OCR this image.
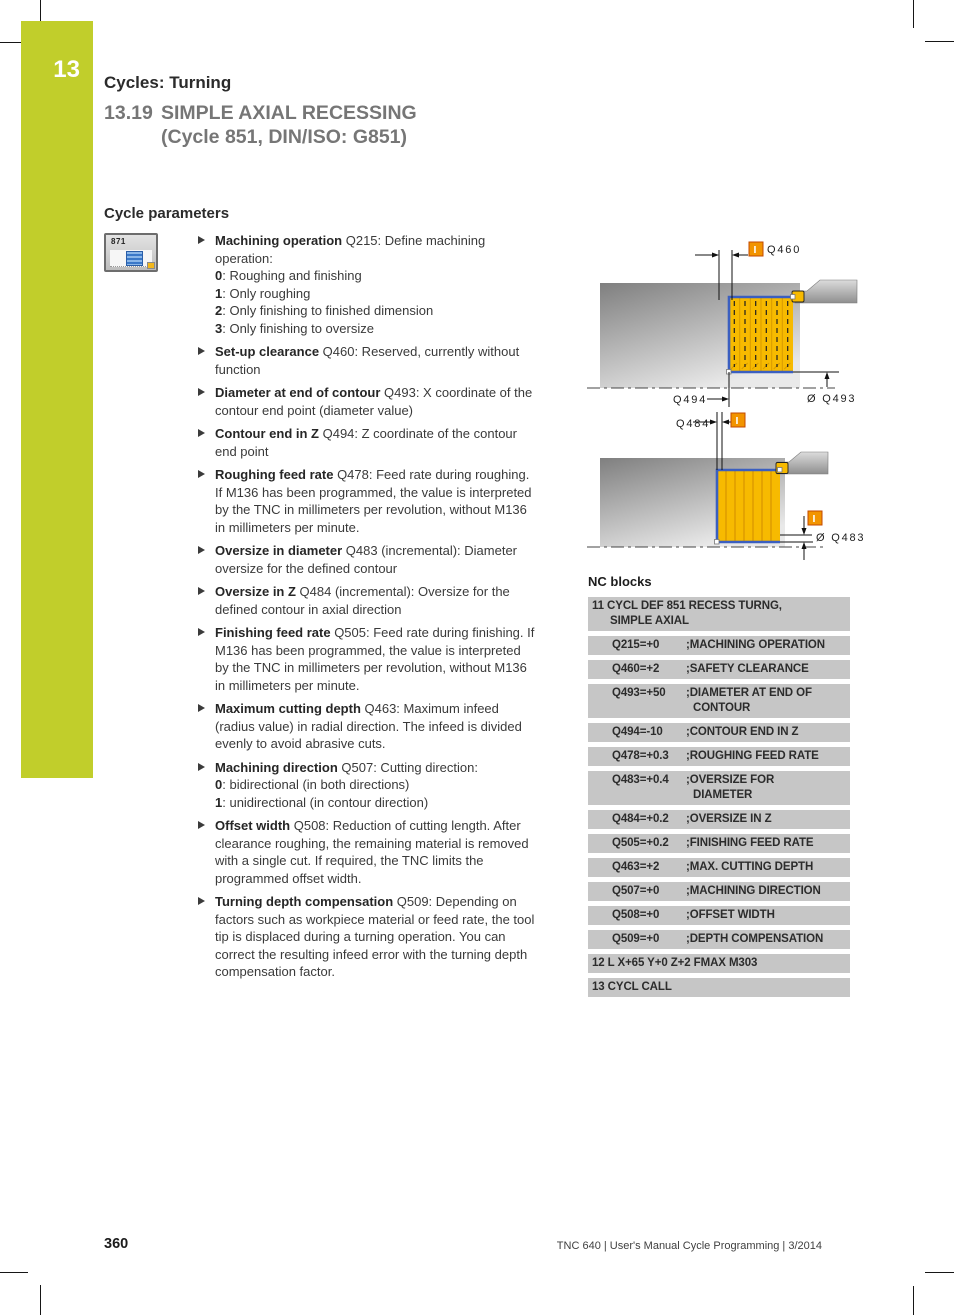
13	Cycles: Turning
13.19 SIMPLE AXIAL RECESSING
(Cycle 851, DIN/ISO: G851)
Cycle parameters
871	Machining operation Q215: Define machining operation:
0: Roughing and finishing
1: Only roughing
2: Only finishing to finished dimension
3: Only finishing to oversize
Set-up clearance Q460: Reserved, currently without function
Diameter at end of contour Q493: X coordinate of the contour end point (diameter value)
Contour end in Z Q494: Z coordinate of the contour end point
Roughing feed rate Q478: Feed rate during roughing. If M136 has been programmed, the value is interpreted by the TNC in millimeters per revolution, without M136 in millimeters per minute.
Oversize in diameter Q483 (incremental): Diameter oversize for the defined contour
Oversize in Z Q484 (incremental): Oversize for the defined contour in axial direction
Finishing feed rate Q505: Feed rate during finishing. If M136 has been programmed, the value is interpreted by the TNC in millimeters per revolution, without M136 in millimeters per minute.
Maximum cutting depth Q463: Maximum infeed (radius value) in radial direction. The infeed is divided evenly to avoid abrasive cuts.
Machining direction Q507: Cutting direction:
0: bidirectional (in both directions)
1: unidirectional (in contour direction)
Offset width Q508: Reduction of cutting length. After clearance roughing, the remaining material is removed with a single cut. If required, the TNC limits the programmed offset width.
Turning depth compensation Q509: Depending on factors such as workpiece material or feed rate, the tool tip is displaced during a turning operation. You can correct the resulting infeed error with the turning depth compensation factor.
I Q460
Q494	Ø Q493
I
Q484
I
Ø Q483
NC blocks
11 CYCL DEF 851 RECESS TURNG,
SIMPLE AXIAL
Q215=+0	;MACHINING OPERATION
Q460=+2	;SAFETY CLEARANCE
Q493=+50	;DIAMETER AT END OF
CONTOUR
Q494=-10	;CONTOUR END IN Z
Q478=+0.3	;ROUGHING FEED RATE
Q483=+0.4	;OVERSIZE FOR
DIAMETER
Q484=+0.2	;OVERSIZE IN Z
Q505=+0.2	;FINISHING FEED RATE
Q463=+2	;MAX. CUTTING DEPTH
Q507=+0	;MACHINING DIRECTION
Q508=+0	;OFFSET WIDTH
Q509=+0	;DEPTH COMPENSATION
12 L X+65 Y+0 Z+2 FMAX M303
13 CYCL CALL
360	TNC 640 | User's Manual Cycle Programming | 3/2014
